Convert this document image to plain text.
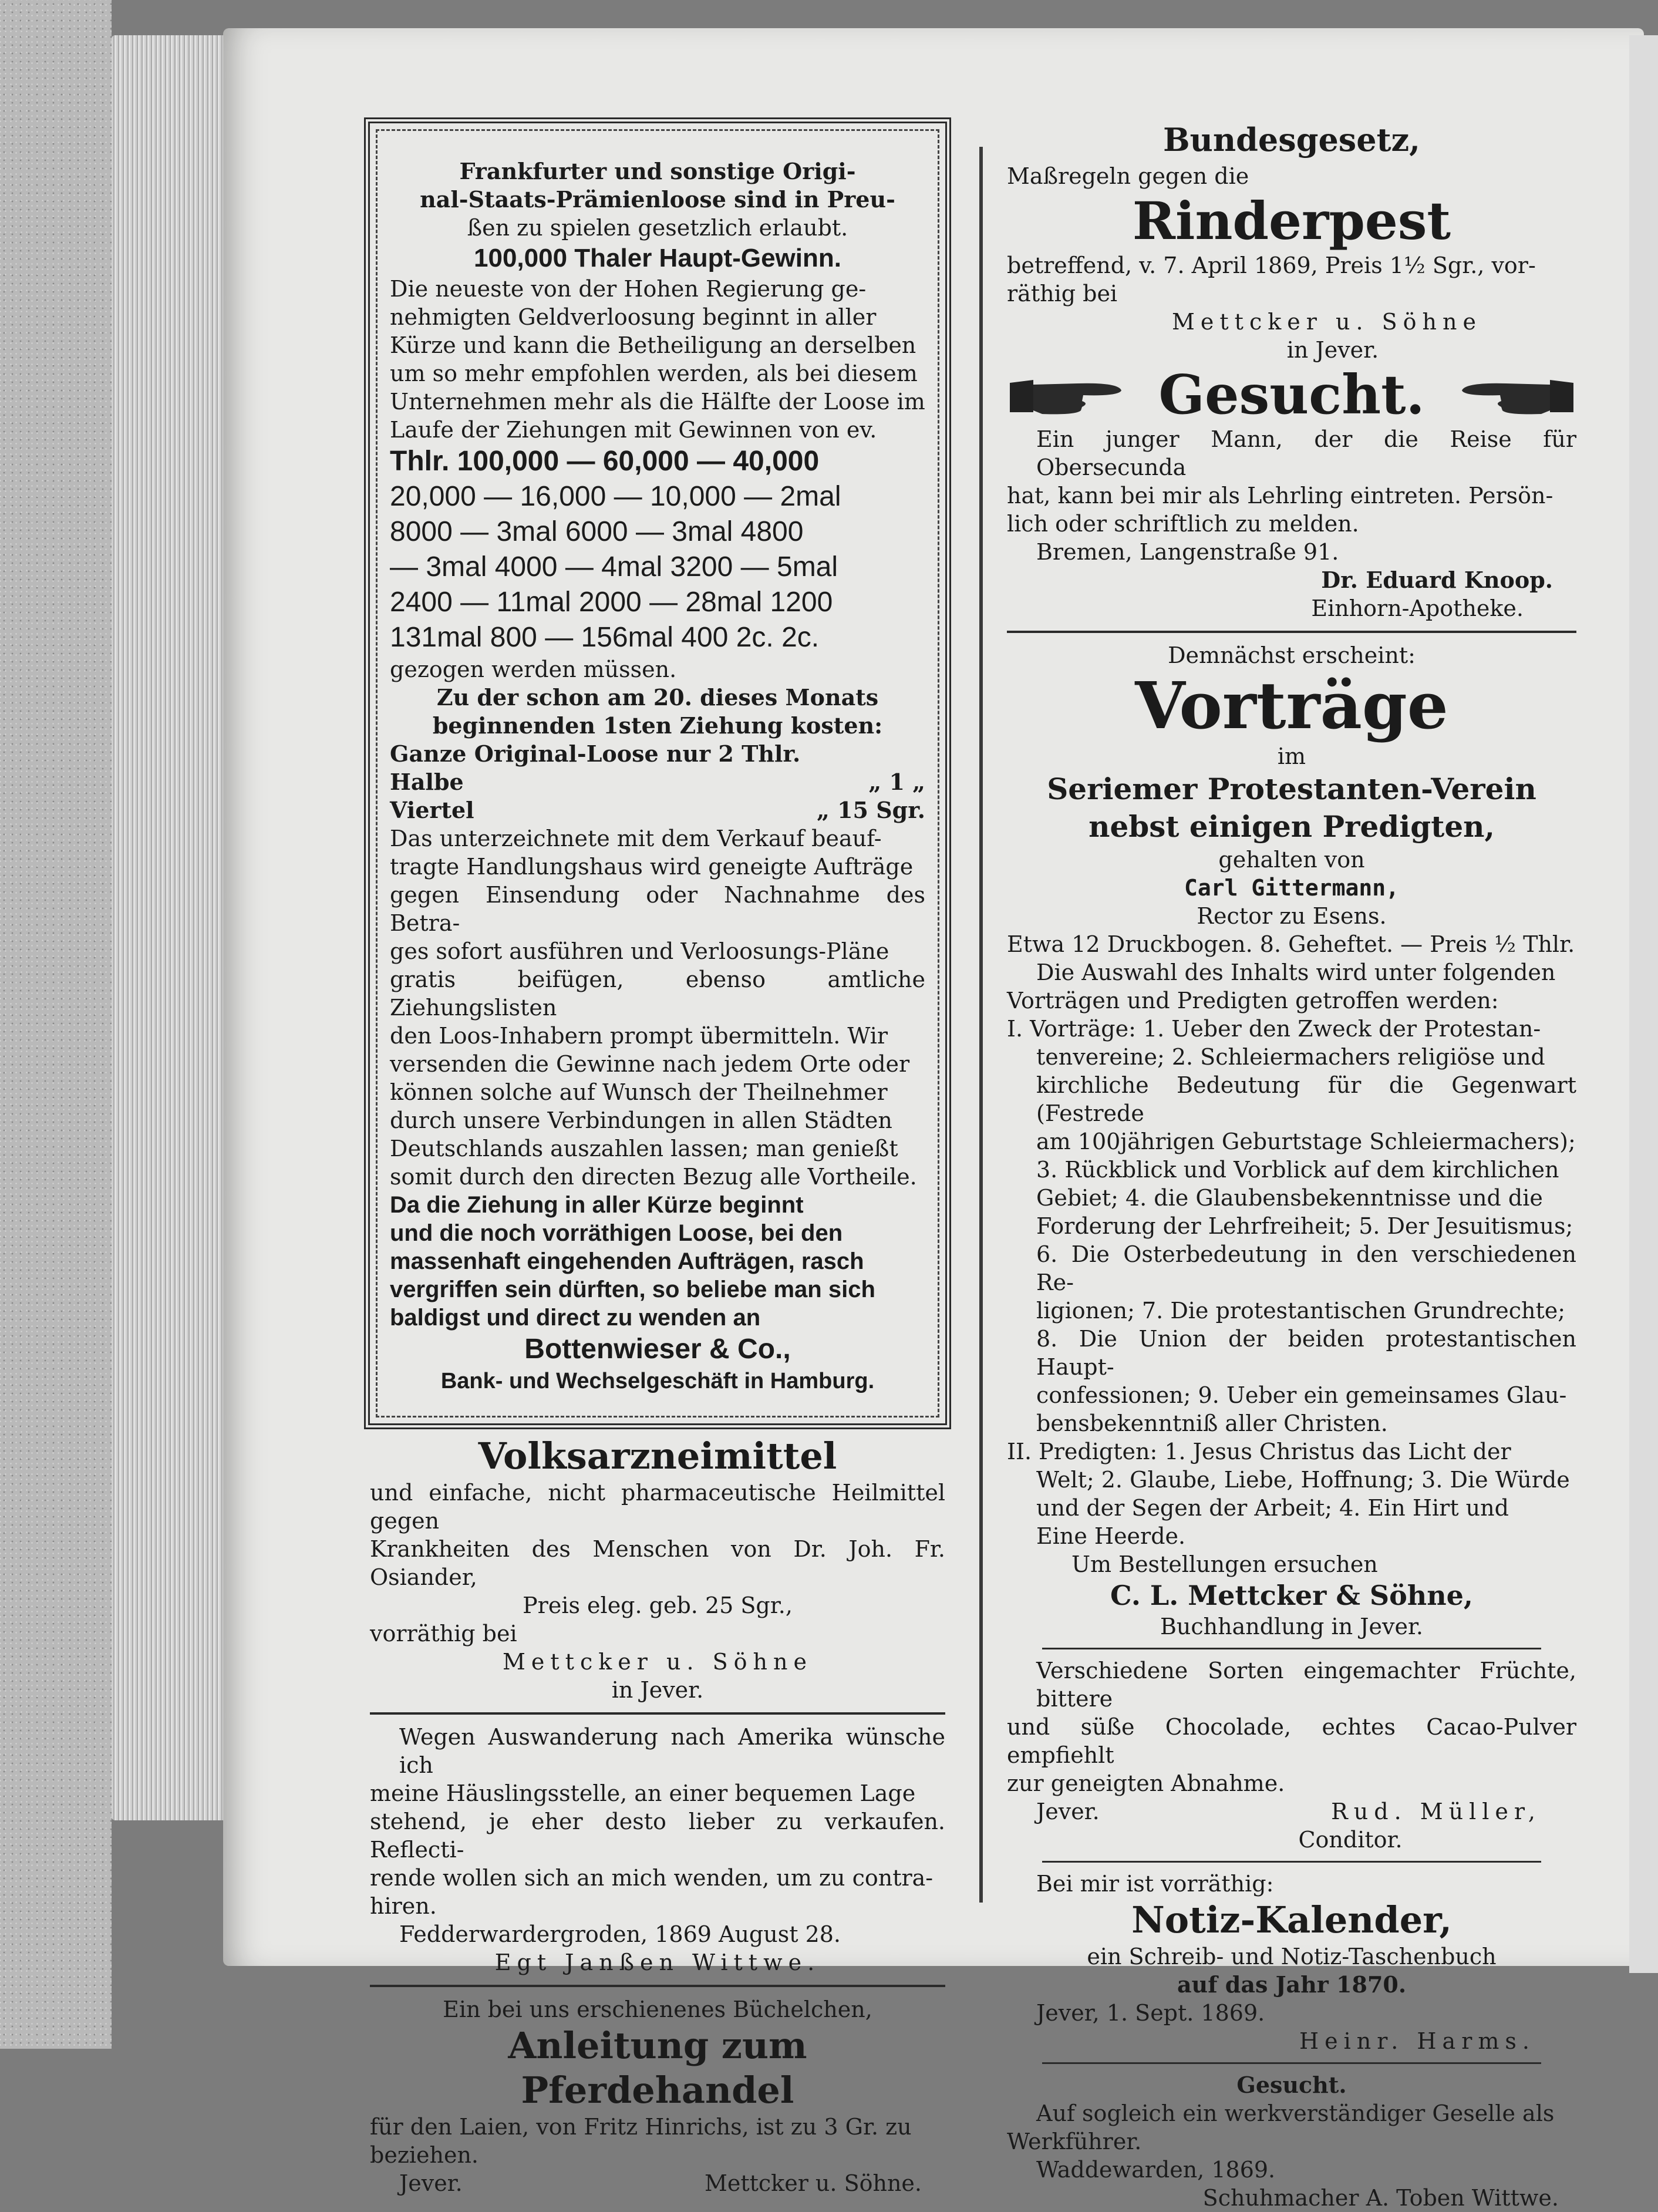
Frankfurter und sonstige Origi-

nal-Staats-Prämienloose sind in Preu-

ßen zu spielen gesetzlich erlaubt.

100,000 Thaler Haupt-Gewinn.

Die neueste von der Hohen Regierung ge-

nehmigten Geldverloosung beginnt in aller

Kürze und kann die Betheiligung an derselben

um so mehr empfohlen werden, als bei diesem

Unternehmen mehr als die Hälfte der Loose im

Laufe der Ziehungen mit Gewinnen von ev.

Thlr. 100,000 — 60,000 — 40,000

20,000 — 16,000 — 10,000 — 2mal

8000 — 3mal 6000 — 3mal 4800

— 3mal 4000 — 4mal 3200 — 5mal

2400 — 11mal 2000 — 28mal 1200

131mal 800 — 156mal 400 2c. 2c.

gezogen werden müssen.

Zu der schon am 20. dieses Monats

beginnenden 1sten Ziehung kosten:

Ganze Original-Loose nur 2 Thlr.

Halbe	„ 1 „
Viertel	„ 15 Sgr.

Das unterzeichnete mit dem Verkauf beauf-

tragte Handlungshaus wird geneigte Aufträge

gegen Einsendung oder Nachnahme des Betra-

ges sofort ausführen und Verloosungs-Pläne

gratis beifügen, ebenso amtliche Ziehungslisten

den Loos-Inhabern prompt übermitteln. Wir

versenden die Gewinne nach jedem Orte oder

können solche auf Wunsch der Theilnehmer

durch unsere Verbindungen in allen Städten

Deutschlands auszahlen lassen; man genießt

somit durch den directen Bezug alle Vortheile.

Da die Ziehung in aller Kürze beginnt

und die noch vorräthigen Loose, bei den

massenhaft eingehenden Aufträgen, rasch

vergriffen sein dürften, so beliebe man sich

baldigst und direct zu wenden an

Bottenwieser & Co.,

Bank- und Wechselgeschäft in Hamburg.

Volksarzneimittel

und einfache, nicht pharmaceutische Heilmittel gegen

Krankheiten des Menschen von Dr. Joh. Fr. Osiander,

Preis eleg. geb. 25 Sgr.,

vorräthig bei

Mettcker u. Söhne

in Jever.

Wegen Auswanderung nach Amerika wünsche ich

meine Häuslingsstelle, an einer bequemen Lage

stehend, je eher desto lieber zu verkaufen. Reflecti-

rende wollen sich an mich wenden, um zu contra-

hiren.

Fedderwardergroden, 1869 August 28.

Egt Janßen Wittwe.

Ein bei uns erschienenes Büchelchen,

Anleitung zum Pferdehandel

für den Laien, von Fritz Hinrichs, ist zu 3 Gr. zu

beziehen.

Jever.	Mettcker u. Söhne.

Bundesgesetz,

Maßregeln gegen die

Rinderpest

betreffend, v. 7. April 1869, Preis 1½ Sgr., vor-

räthig bei

Mettcker u. Söhne

in Jever.

Gesucht.

Ein junger Mann, der die Reise für Obersecunda

hat, kann bei mir als Lehrling eintreten. Persön-

lich oder schriftlich zu melden.

Bremen, Langenstraße 91.

Dr. Eduard Knoop.

Einhorn-Apotheke.

Demnächst erscheint:

Vorträge

im

Seriemer Protestanten-Verein

nebst einigen Predigten,

gehalten von

Carl Gittermann,

Rector zu Esens.

Etwa 12 Druckbogen. 8. Geheftet. — Preis ½ Thlr.

Die Auswahl des Inhalts wird unter folgenden

Vorträgen und Predigten getroffen werden:

I. Vorträge: 1. Ueber den Zweck der Protestan-

tenvereine; 2. Schleiermachers religiöse und

kirchliche Bedeutung für die Gegenwart (Festrede

am 100jährigen Geburtstage Schleiermachers);

3. Rückblick und Vorblick auf dem kirchlichen

Gebiet; 4. die Glaubensbekenntnisse und die

Forderung der Lehrfreiheit; 5. Der Jesuitismus;

6. Die Osterbedeutung in den verschiedenen Re-

ligionen; 7. Die protestantischen Grundrechte;

8. Die Union der beiden protestantischen Haupt-

confessionen; 9. Ueber ein gemeinsames Glau-

bensbekenntniß aller Christen.

II. Predigten: 1. Jesus Christus das Licht der

Welt; 2. Glaube, Liebe, Hoffnung; 3. Die Würde

und der Segen der Arbeit; 4. Ein Hirt und

Eine Heerde.

Um Bestellungen ersuchen

C. L. Mettcker & Söhne,

Buchhandlung in Jever.

Verschiedene Sorten eingemachter Früchte, bittere

und süße Chocolade, echtes Cacao-Pulver empfiehlt

zur geneigten Abnahme.

Jever.	Rud. Müller,

Conditor.

Bei mir ist vorräthig:

Notiz-Kalender,

ein Schreib- und Notiz-Taschenbuch

auf das Jahr 1870.

Jever, 1. Sept. 1869.

Heinr. Harms.

Gesucht.

Auf sogleich ein werkverständiger Geselle als

Werkführer.

Waddewarden, 1869.

Schuhmacher A. Toben Wittwe.
